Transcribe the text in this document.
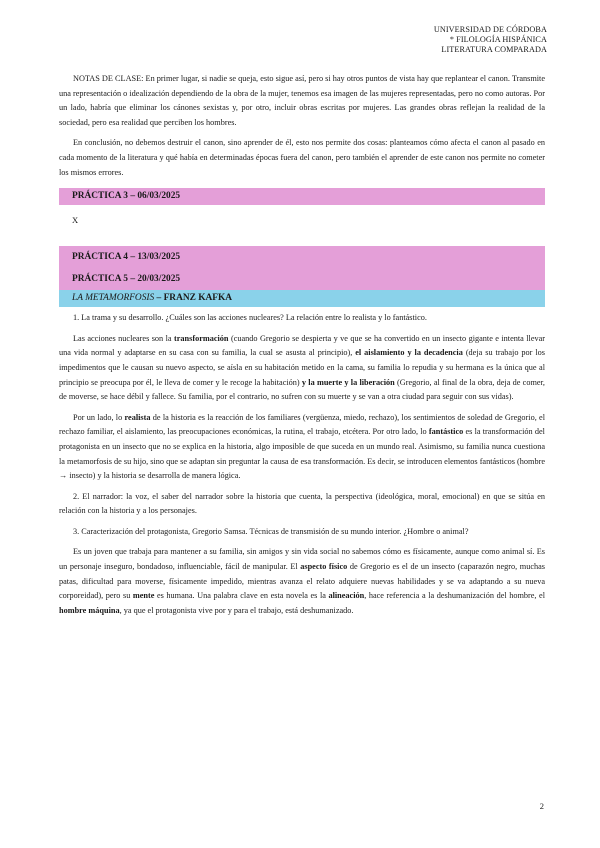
UNIVERSIDAD DE CÓRDOBA
* FILOLOGÍA HISPÁNICA
LITERATURA COMPARADA

NOTAS DE CLASE: En primer lugar, si nadie se queja, esto sigue así, pero si hay otros puntos de vista hay que replantear el canon. Transmite una representación o idealización dependiendo de la obra de la mujer, tenemos esa imagen de las mujeres representadas, pero no como autoras. Por un lado, habría que eliminar los cánones sexistas y, por otro, incluir obras escritas por mujeres. Las grandes obras reflejan la realidad de la sociedad, pero esa realidad que perciben los hombres.

En conclusión, no debemos destruir el canon, sino aprender de él, esto nos permite dos cosas: planteamos cómo afecta el canon al pasado en cada momento de la literatura y qué había en determinadas épocas fuera del canon, pero también el aprender de este canon nos permite no cometer los mismos errores.

PRÁCTICA 3 – 06/03/2025
X
PRÁCTICA 4 – 13/03/2025
PRÁCTICA 5 – 20/03/2025
LA METAMORFOSIS – FRANZ KAFKA

1. La trama y su desarrollo. ¿Cuáles son las acciones nucleares? La relación entre lo realista y lo fantástico.

Las acciones nucleares son la transformación (cuando Gregorio se despierta y ve que se ha convertido en un insecto gigante e intenta llevar una vida normal y adaptarse en su casa con su familia, la cual se asusta al principio), el aislamiento y la decadencia (deja su trabajo por los impedimentos que le causan su nuevo aspecto, se aísla en su habitación metido en la cama, su familia lo repudia y su hermana es la única que al principio se preocupa por él, le lleva de comer y le recoge la habitación) y la muerte y la liberación (Gregorio, al final de la obra, deja de comer, de moverse, se hace débil y fallece. Su familia, por el contrario, no sufren con su muerte y se van a otra ciudad para seguir con sus vidas).

Por un lado, lo realista de la historia es la reacción de los familiares (vergüenza, miedo, rechazo), los sentimientos de soledad de Gregorio, el rechazo familiar, el aislamiento, las preocupaciones económicas, la rutina, el trabajo, etcétera. Por otro lado, lo fantástico es la transformación del protagonista en un insecto que no se explica en la historia, algo imposible de que suceda en un mundo real. Asimismo, su familia nunca cuestiona la metamorfosis de su hijo, sino que se adaptan sin preguntar la causa de esa transformación. Es decir, se introducen elementos fantásticos (hombre → insecto) y la historia se desarrolla de manera lógica.

2. El narrador: la voz, el saber del narrador sobre la historia que cuenta, la perspectiva (ideológica, moral, emocional) en que se sitúa en relación con la historia y a los personajes.

3. Caracterización del protagonista, Gregorio Samsa. Técnicas de transmisión de su mundo interior. ¿Hombre o animal?

Es un joven que trabaja para mantener a su familia, sin amigos y sin vida social no sabemos cómo es físicamente, aunque como animal sí. Es un personaje inseguro, bondadoso, influenciable, fácil de manipular. El aspecto físico de Gregorio es el de un insecto (caparazón negro, muchas patas, dificultad para moverse, físicamente impedido, mientras avanza el relato adquiere nuevas habilidades y se va adaptando a su nueva corporeidad), pero su mente es humana. Una palabra clave en esta novela es la alineación, hace referencia a la deshumanización del hombre, el hombre máquina, ya que el protagonista vive por y para el trabajo, está deshumanizado.

2
